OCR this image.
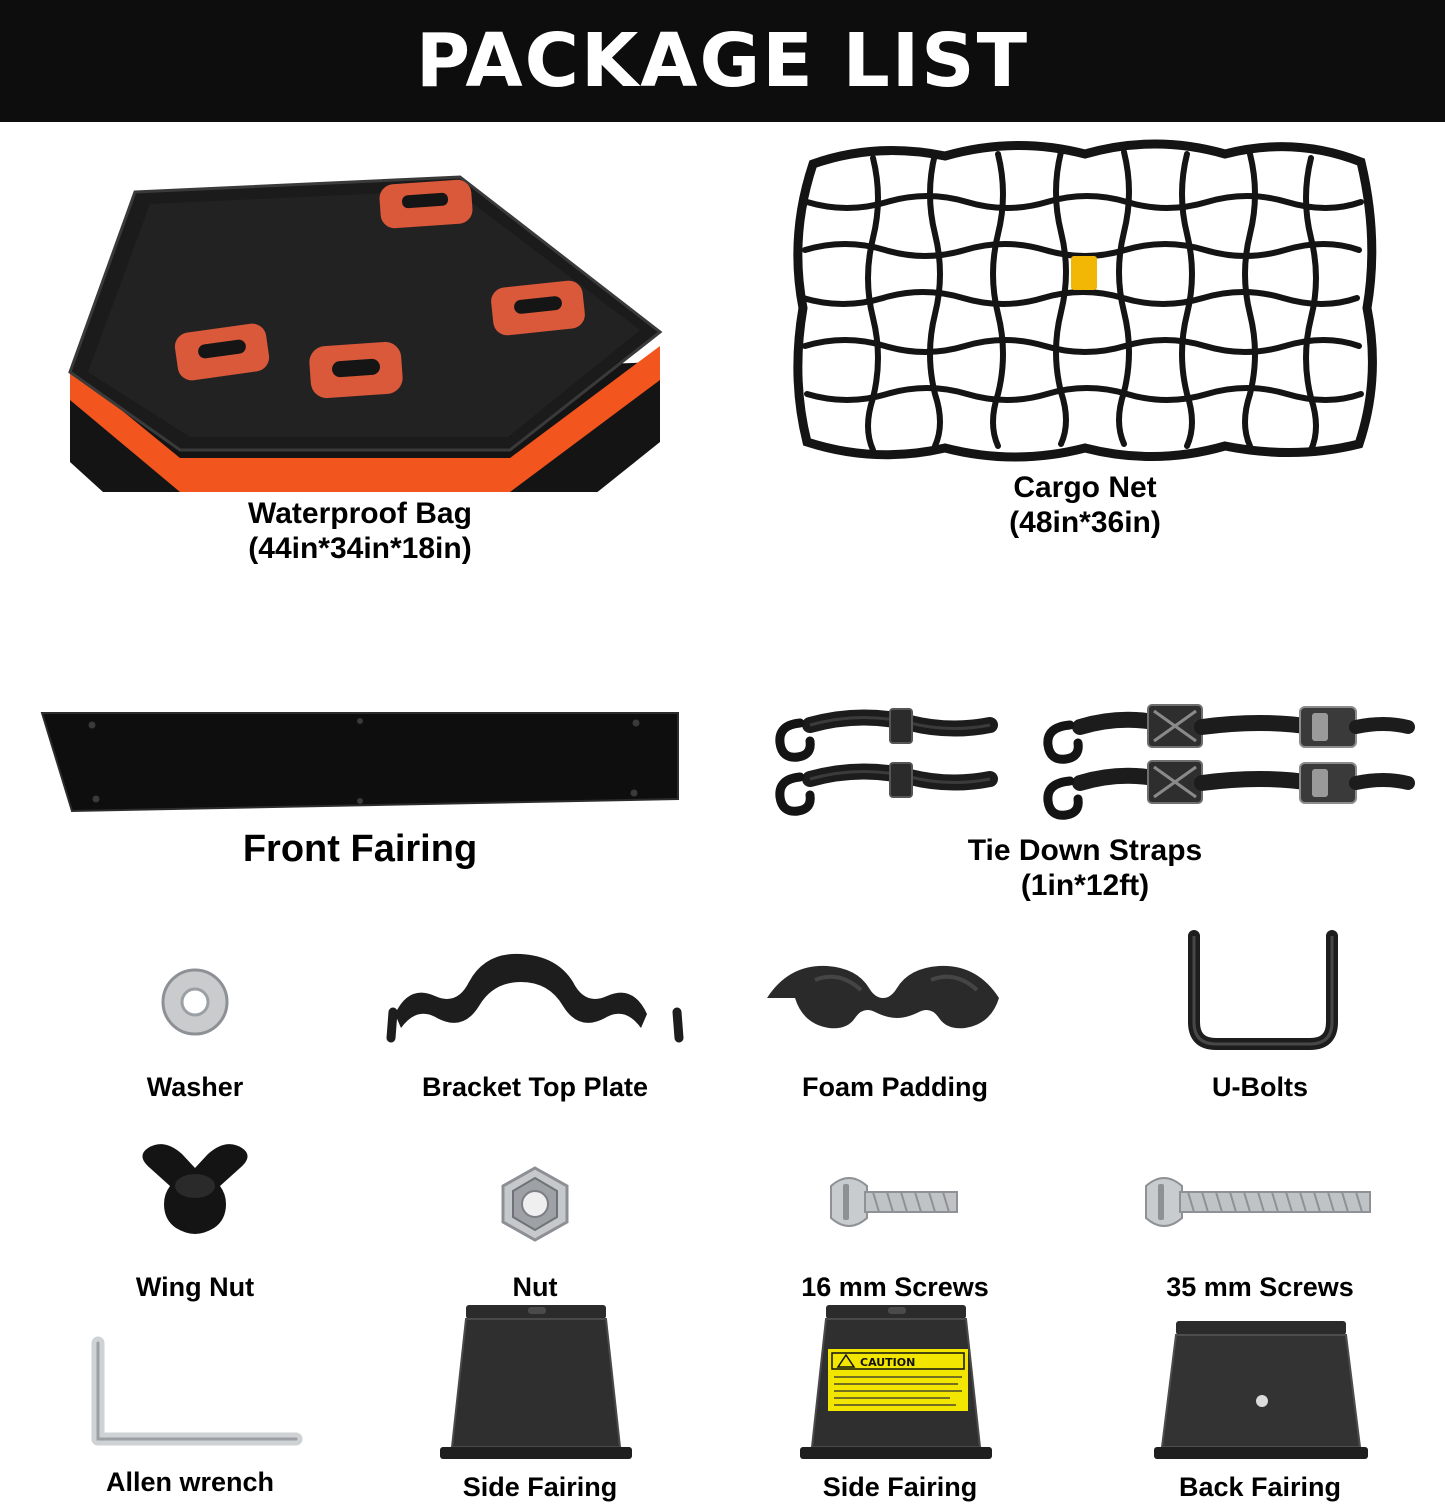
PACKAGE LIST
Waterproof Bag
(44in*34in*18in)
Cargo Net
(48in*36in)
Front Fairing	Tie Down Straps
(1in*12ft)
Washer	Bracket Top Plate	Foam Padding	U-Bolts
Wing Nut	Nut	16 mm Screws	35 mm Screws
Allen wrench	Side Fairing
CAUTION
Side Fairing	Back Fairing
